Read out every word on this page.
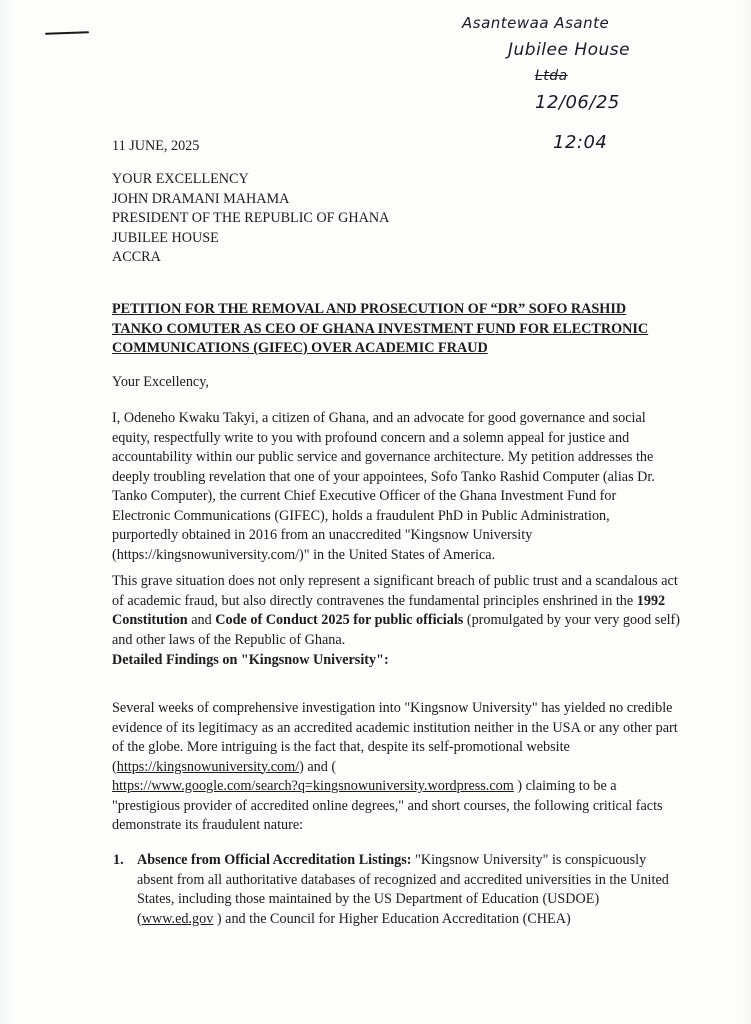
Asantewaa Asante
Jubilee House
Ltda
12/06/25
12:04
11 JUNE, 2025
YOUR EXCELLENCY
JOHN DRAMANI MAHAMA
PRESIDENT OF THE REPUBLIC OF GHANA
JUBILEE HOUSE
ACCRA
PETITION FOR THE REMOVAL AND PROSECUTION OF “DR” SOFO RASHID TANKO COMUTER AS CEO OF GHANA INVESTMENT FUND FOR ELECTRONIC COMMUNICATIONS (GIFEC) OVER ACADEMIC FRAUD
Your Excellency,
I, Odeneho Kwaku Takyi, a citizen of Ghana, and an advocate for good governance and social equity, respectfully write to you with profound concern and a solemn appeal for justice and accountability within our public service and governance architecture. My petition addresses the deeply troubling revelation that one of your appointees, Sofo Tanko Rashid Computer (alias Dr. Tanko Computer), the current Chief Executive Officer of the Ghana Investment Fund for Electronic Communications (GIFEC), holds a fraudulent PhD in Public Administration, purportedly obtained in 2016 from an unaccredited "Kingsnow University (https://kingsnowuniversity.com/)" in the United States of America.
This grave situation does not only represent a significant breach of public trust and a scandalous act of academic fraud, but also directly contravenes the fundamental principles enshrined in the 1992 Constitution and Code of Conduct 2025 for public officials (promulgated by your very good self) and other laws of the Republic of Ghana.
Detailed Findings on "Kingsnow University":
Several weeks of comprehensive investigation into "Kingsnow University" has yielded no credible evidence of its legitimacy as an accredited academic institution neither in the USA or any other part of the globe. More intriguing is the fact that, despite its self-promotional website (https://kingsnowuniversity.com/) and (
https://www.google.com/search?q=kingsnowuniversity.wordpress.com ) claiming to be a "prestigious provider of accredited online degrees," and short courses, the following critical facts demonstrate its fraudulent nature:
1. Absence from Official Accreditation Listings: "Kingsnow University" is conspicuously absent from all authoritative databases of recognized and accredited universities in the United States, including those maintained by the US Department of Education (USDOE) (www.ed.gov ) and the Council for Higher Education Accreditation (CHEA)
